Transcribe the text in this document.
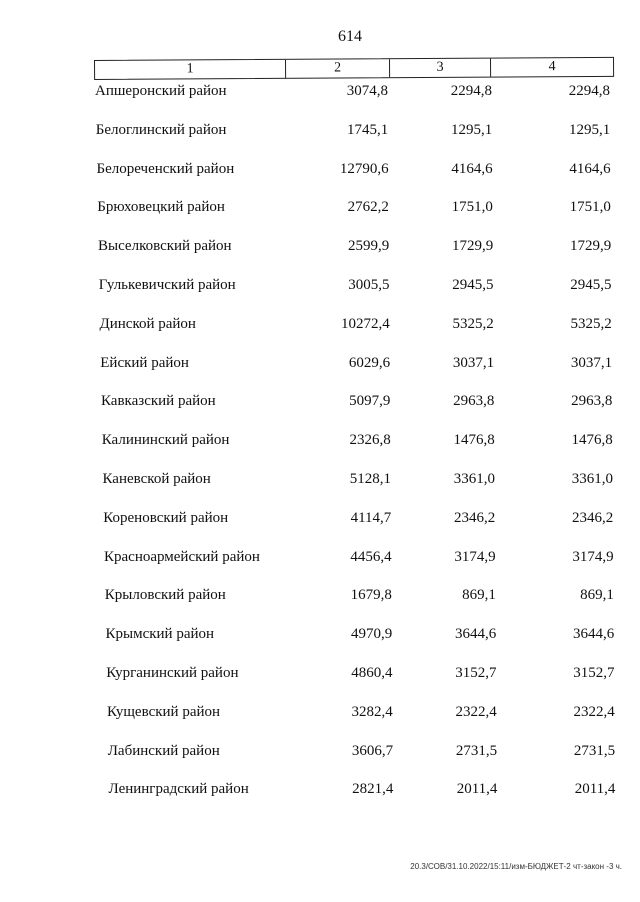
614
1	2	3	4
Апшеронский район	3074,8	2294,8	2294,8
Белоглинский район	1745,1	1295,1	1295,1
Белореченский район	12790,6	4164,6	4164,6
Брюховецкий район	2762,2	1751,0	1751,0
Выселковский район	2599,9	1729,9	1729,9
Гулькевичский район	3005,5	2945,5	2945,5
Динской район	10272,4	5325,2	5325,2
Ейский район	6029,6	3037,1	3037,1
Кавказский район	5097,9	2963,8	2963,8
Калининский район	2326,8	1476,8	1476,8
Каневской район	5128,1	3361,0	3361,0
Кореновский район	4114,7	2346,2	2346,2
Красноармейский район	4456,4	3174,9	3174,9
Крыловский район	1679,8	869,1	869,1
Крымский район	4970,9	3644,6	3644,6
Курганинский район	4860,4	3152,7	3152,7
Кущевский район	3282,4	2322,4	2322,4
Лабинский район	3606,7	2731,5	2731,5
Ленинградский район	2821,4	2011,4	2011,4
20.3/СОВ/31.10.2022/15:11/изм-БЮДЖЕТ-2 чт-закон -3 ч.
